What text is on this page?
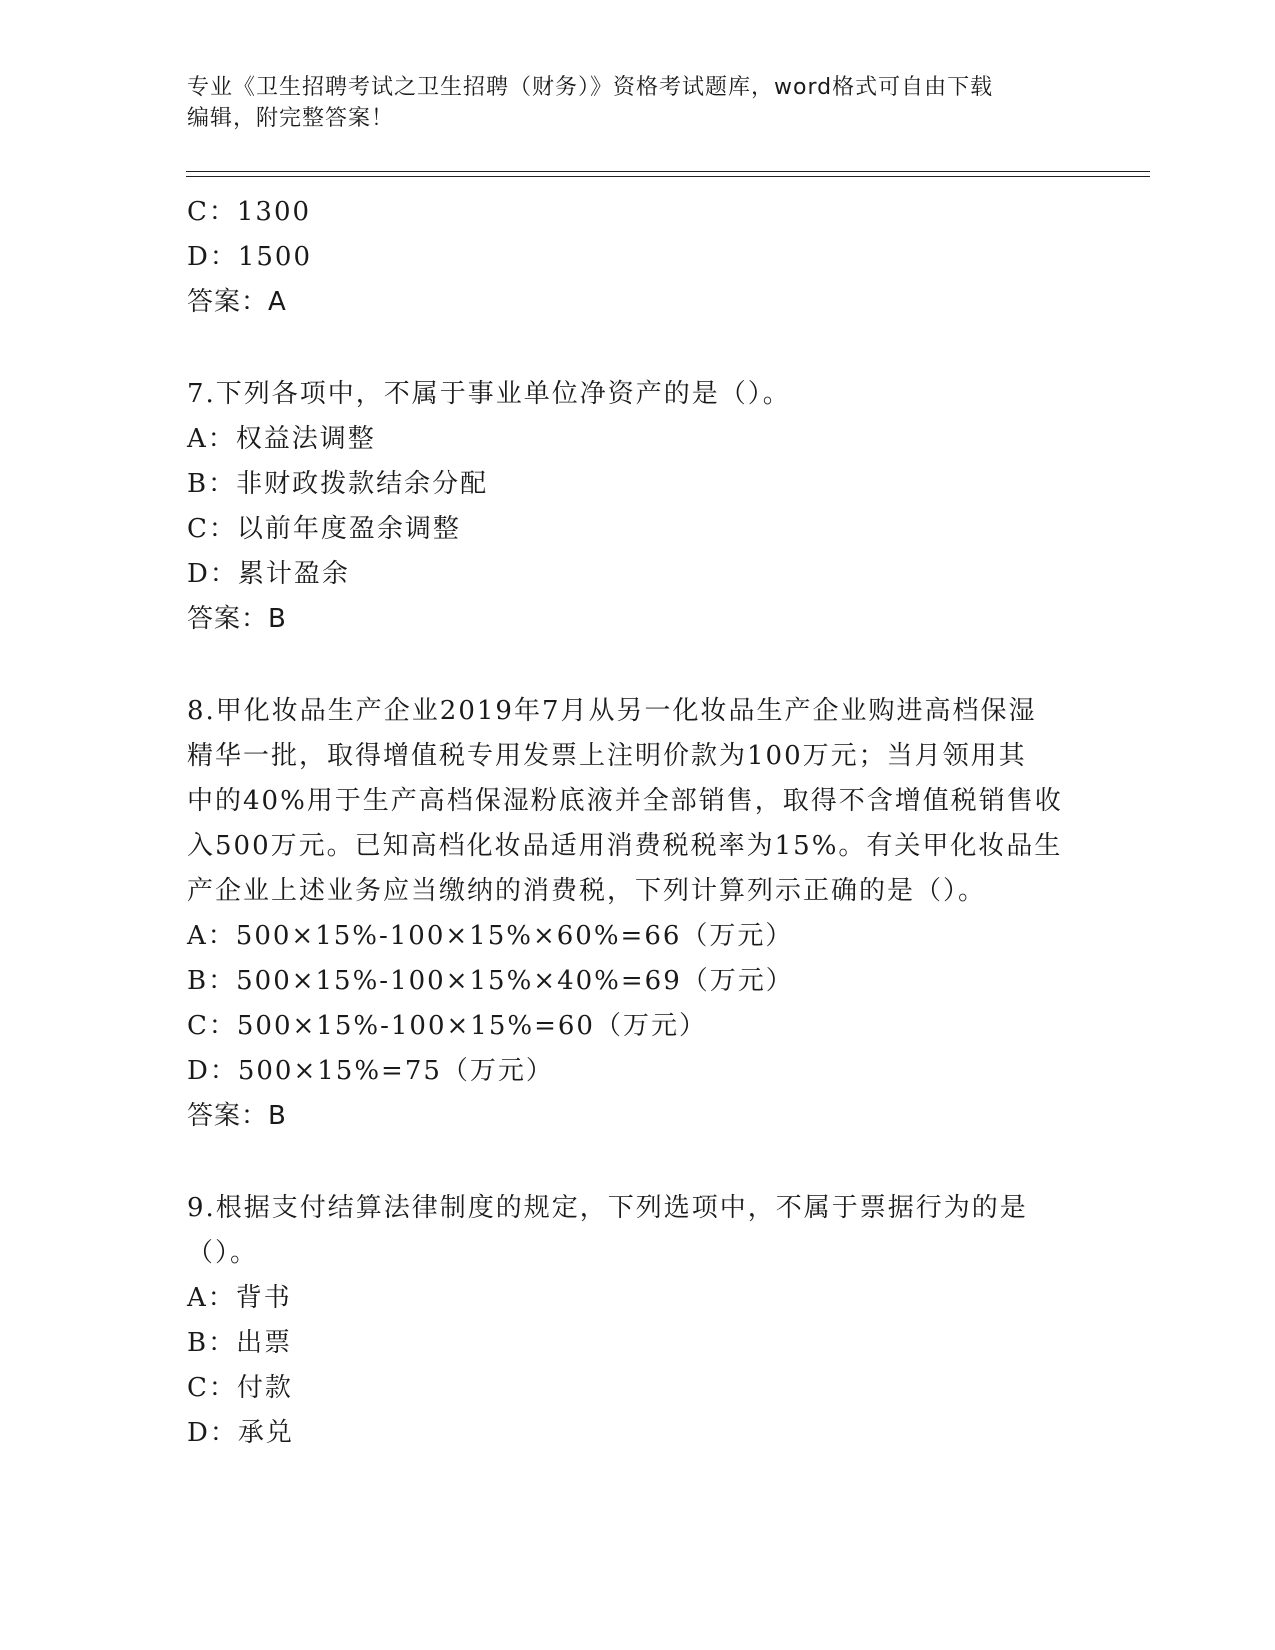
专业《卫生招聘考试之卫生招聘（财务）》资格考试题库，word格式可自由下载
编辑，附完整答案！
C：1300
D：1500
答案：A
7.下列各项中，不属于事业单位净资产的是（）。
A：权益法调整
B：非财政拨款结余分配
C：以前年度盈余调整
D：累计盈余
答案：B
8.甲化妆品生产企业2019年7月从另一化妆品生产企业购进高档保湿
精华一批，取得增值税专用发票上注明价款为100万元；当月领用其
中的40%用于生产高档保湿粉底液并全部销售，取得不含增值税销售收
入500万元。已知高档化妆品适用消费税税率为15%。有关甲化妆品生
产企业上述业务应当缴纳的消费税，下列计算列示正确的是（）。
A：500×15%-100×15%×60%=66（万元）
B：500×15%-100×15%×40%=69（万元）
C：500×15%-100×15%=60（万元）
D：500×15%=75（万元）
答案：B
9.根据支付结算法律制度的规定，下列选项中，不属于票据行为的是
（）。
A：背书
B：出票
C：付款
D：承兑
